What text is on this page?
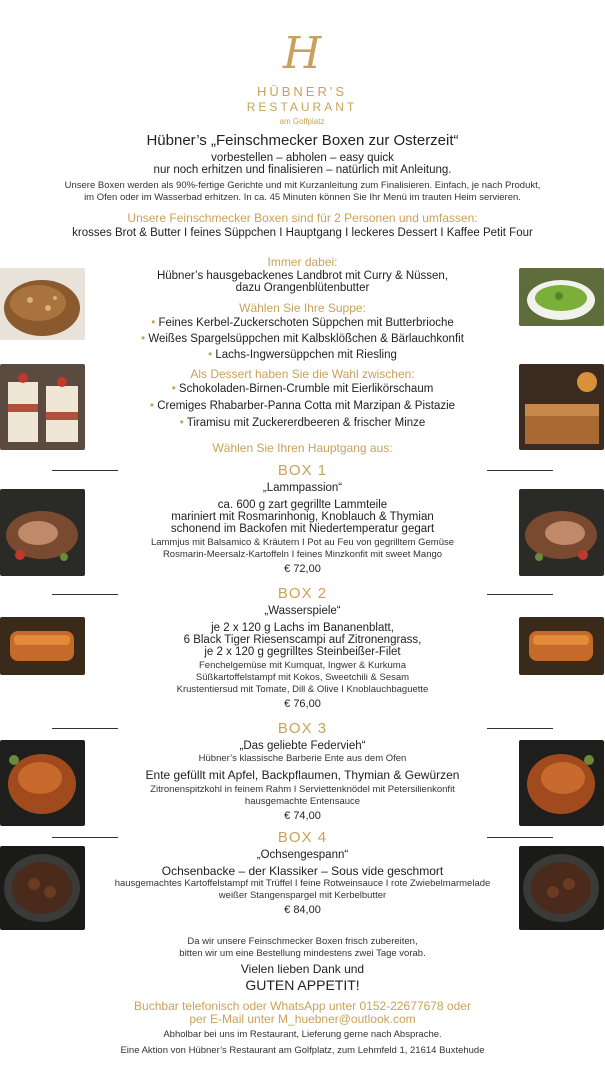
H
HÜBNER'S
RESTAURANT
am Golfplatz
Hübner’s „Feinschmecker Boxen zur Osterzeit“
vorbestellen – abholen – easy quick
nur noch erhitzen und finalisieren – natürlich mit Anleitung.
Unsere Boxen werden als 90%-fertige Gerichte und mit Kurzanleitung zum Finalisieren. Einfach, je nach Produkt,
im Ofen oder im Wasserbad erhitzen. In ca. 45 Minuten können Sie Ihr Menü im trauten Heim servieren.
Unsere Feinschmecker Boxen sind für 2 Personen und umfassen:
krosses Brot & Butter I feines Süppchen I Hauptgang I leckeres Dessert I Kaffee Petit Four
Immer dabei:
Hübner’s hausgebackenes Landbrot mit Curry & Nüssen,
dazu Orangenblütenbutter
Wählen Sie Ihre Suppe:
• Feines Kerbel-Zuckerschoten Süppchen mit Butterbrioche
• Weißes Spargelsüppchen mit Kalbsklößchen & Bärlauchkonfit
• Lachs-Ingwersüppchen mit Riesling
Als Dessert haben Sie die Wahl zwischen:
• Schokoladen-Birnen-Crumble mit Eierlikörschaum
• Cremiges Rhabarber-Panna Cotta mit Marzipan & Pistazie
• Tiramisu mit Zuckererdbeeren & frischer Minze
Wählen Sie Ihren Hauptgang aus:
BOX 1
„Lammpassion“
ca. 600 g zart gegrillte Lammteile
mariniert mit Rosmarinhonig, Knoblauch & Thymian
schonend im Backofen mit Niedertemperatur gegart
Lammjus mit Balsamico & Kräutern I Pot au Feu von gegrilltem Gemüse
Rosmarin-Meersalz-Kartoffeln I feines Minzkonfit mit sweet Mango
€ 72,00
BOX 2
„Wasserspiele“
je 2 x 120 g Lachs im Bananenblatt,
6 Black Tiger Riesenscampi auf Zitronengrass,
je 2 x 120 g gegrilltes Steinbeißer-Filet
Fenchelgemüse mit Kumquat, Ingwer & Kurkuma
Süßkartoffelstampf mit Kokos, Sweetchili & Sesam
Krustentiersud mit Tomate, Dill & Olive I Knoblauchbaguette
€ 76,00
BOX 3
„Das geliebte Federvieh“
Hübner’s klassische Barberie Ente aus dem Ofen
Ente gefüllt mit Apfel, Backpflaumen, Thymian & Gewürzen
Zitronenspitzkohl in feinem Rahm I Serviettenknödel mit Petersilienkonfit
hausgemachte Entensauce
€ 74,00
BOX 4
„Ochsengespann“
Ochsenbacke – der Klassiker – Sous vide geschmort
hausgemachtes Kartoffelstampf mit Trüffel I feine Rotweinsauce I rote Zwiebelmarmelade
weißer Stangenspargel mit Kerbelbutter
€ 84,00
Da wir unsere Feinschmecker Boxen frisch zubereiten,
bitten wir um eine Bestellung mindestens zwei Tage vorab.
Vielen lieben Dank und
GUTEN APPETIT!
Buchbar telefonisch oder WhatsApp unter 0152-22677678 oder
per E-Mail unter M_huebner@outlook.com
Abholbar bei uns im Restaurant, Lieferung gerne nach Absprache.
Eine Aktion von Hübner’s Restaurant am Golfplatz, zum Lehmfeld 1, 21614 Buxtehude
